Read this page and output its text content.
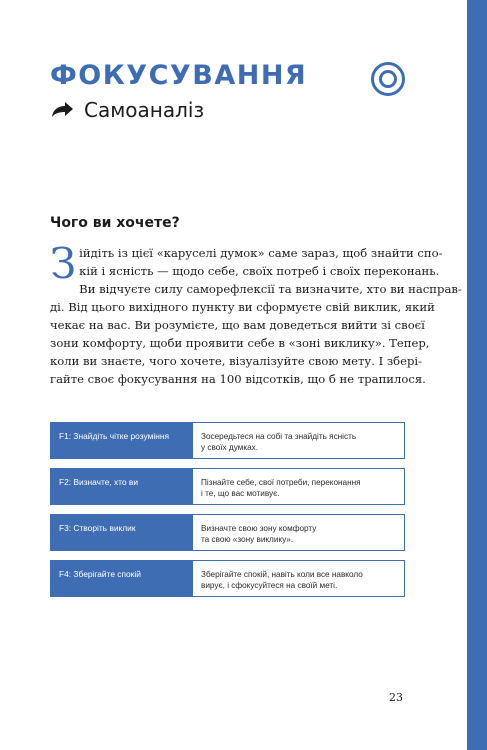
ФОКУСУВАННЯ
Самоаналіз
Чого ви хочете?
З ійдіть із цієї «каруселі думок» саме зараз, щоб знайти спо-
кій і ясність — щодо себе, своїх потреб і своїх переконань.
Ви відчуєте силу саморефлексії та визначите, хто ви насправ-
ді. Від цього вихідного пункту ви сформуєте свій виклик, який
чекає на вас. Ви розумієте, що вам доведеться вийти зі своєї
зони комфорту, щоби проявити себе в «зоні виклику». Тепер,
коли ви знаєте, чого хочете, візуалізуйте свою мету. І збері-
гайте своє фокусування на 100 відсотків, що б не трапилося.
F1: Знайдіть чітке розуміння	Зосередьтеся на собі та знайдіть ясність
у своїх думках.
F2: Визначте, хто ви	Пізнайте себе, свої потреби, переконання
і те, що вас мотивує.
F3: Створіть виклик	Визначте свою зону комфорту
та свою «зону виклику».
F4: Зберігайте спокій	Зберігайте спокій, навіть коли все навколо
вирує, і сфокусуйтеся на своїй меті.
23
